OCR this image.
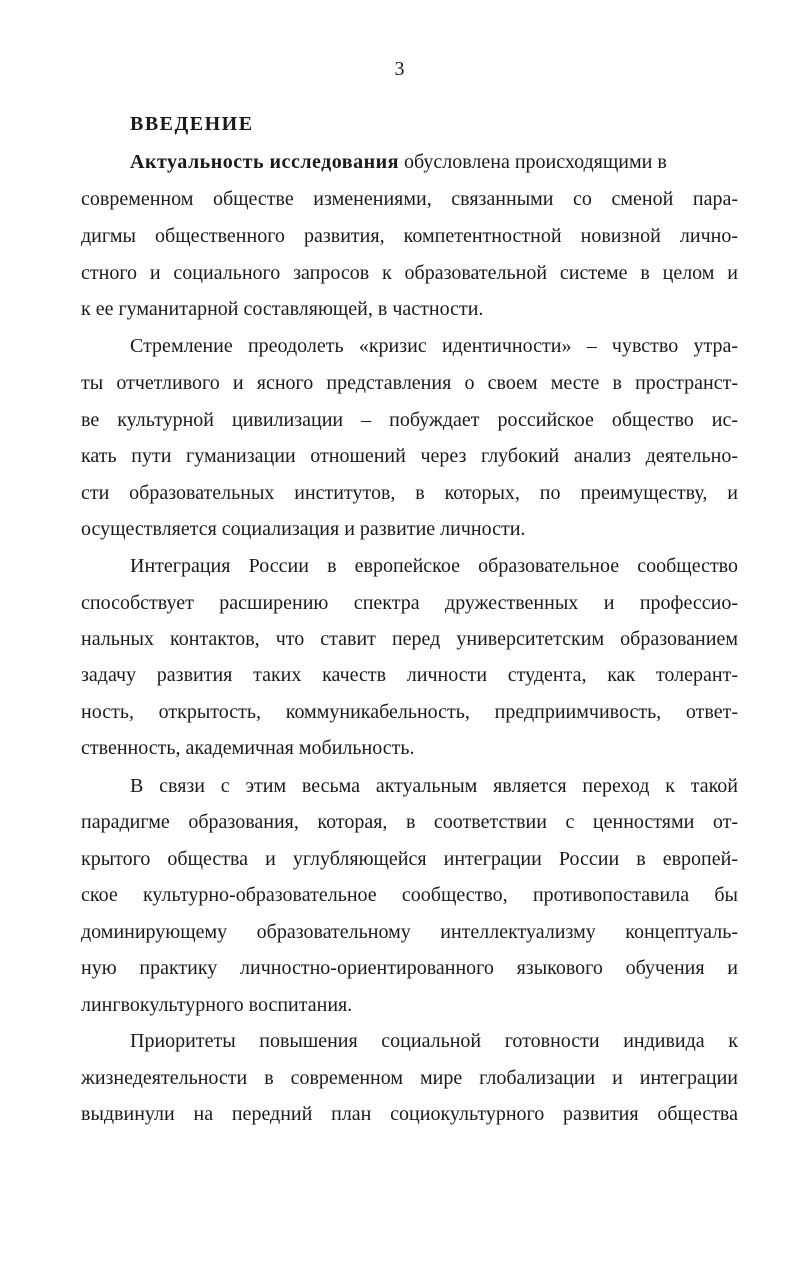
3
ВВЕДЕНИЕ
Актуальность исследования обусловлена происходящими в
современном обществе изменениями, связанными со сменой пара-
дигмы общественного развития, компетентностной новизной лично-
стного и социального запросов к образовательной системе в целом и
к ее гуманитарной составляющей, в частности.
Стремление преодолеть «кризис идентичности» – чувство утра-
ты отчетливого и ясного представления о своем месте в пространст-
ве культурной цивилизации – побуждает российское общество ис-
кать пути гуманизации отношений через глубокий анализ деятельно-
сти образовательных институтов, в которых, по преимуществу, и
осуществляется социализация и развитие личности.
Интеграция России в европейское образовательное сообщество
способствует расширению спектра дружественных и профессио-
нальных контактов, что ставит перед университетским образованием
задачу развития таких качеств личности студента, как толерант-
ность, открытость, коммуникабельность, предприимчивость, ответ-
ственность, академичная мобильность.
В связи с этим весьма актуальным является переход к такой
парадигме образования, которая, в соответствии с ценностями от-
крытого общества и углубляющейся интеграции России в европей-
ское культурно-образовательное сообщество, противопоставила бы
доминирующему образовательному интеллектуализму концептуаль-
ную практику личностно-ориентированного языкового обучения и
лингвокультурного воспитания.
Приоритеты повышения социальной готовности индивида к
жизнедеятельности в современном мире глобализации и интеграции
выдвинули на передний план социокультурного развития общества
